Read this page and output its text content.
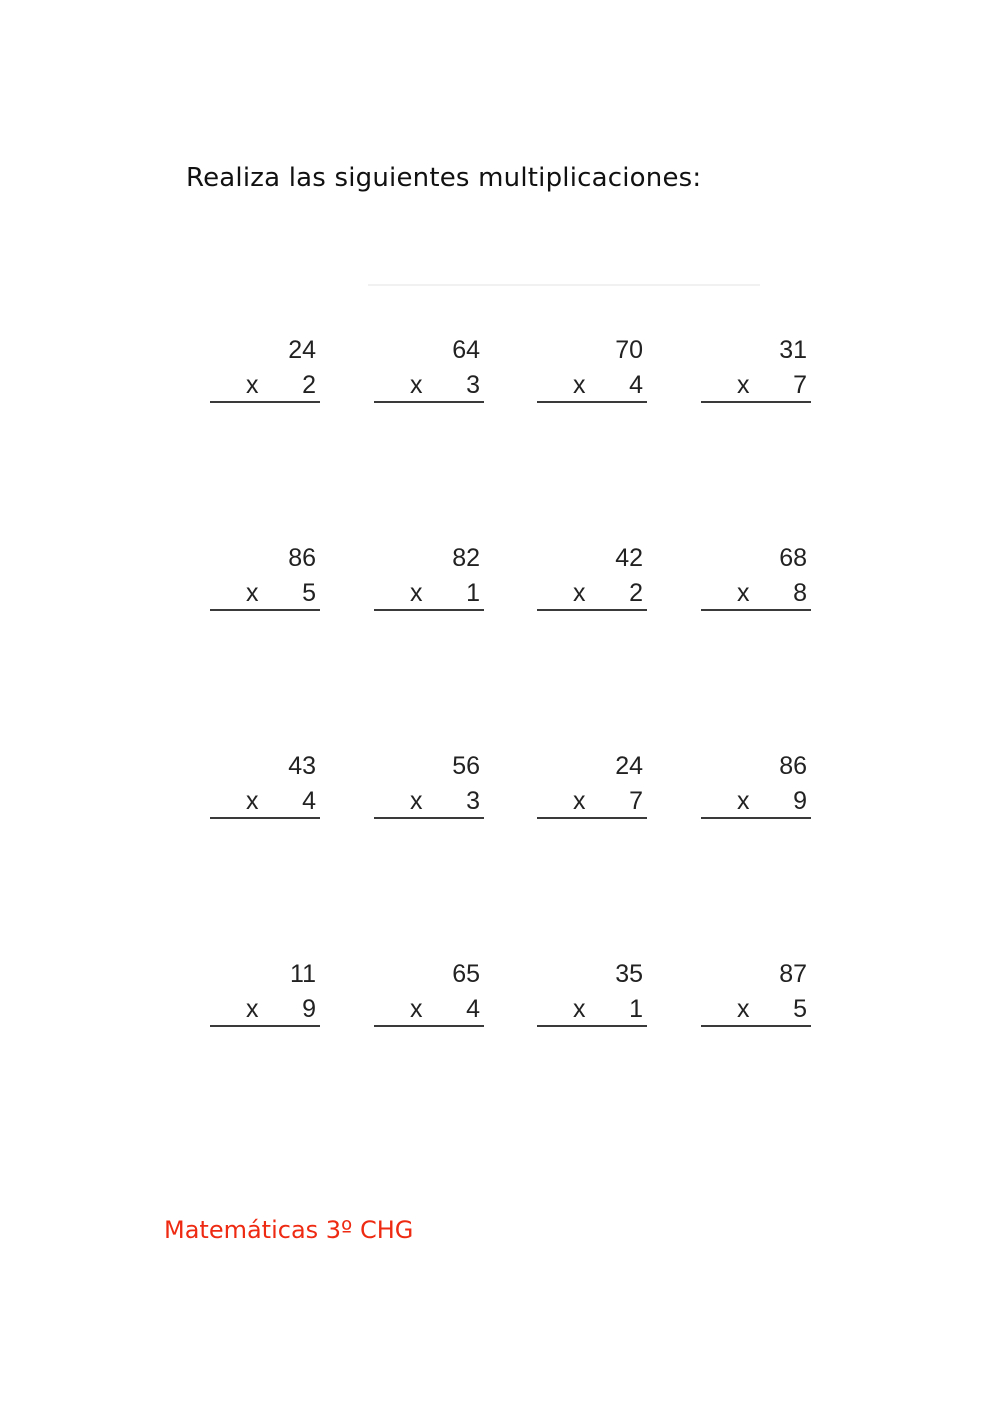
Realiza las siguientes multiplicaciones:
24
x 2
64
x 3
70
x 4
31
x 7
86
x 5
82
x 1
42
x 2
68
x 8
43
x 4
56
x 3
24
x 7
86
x 9
11
x 9
65
x 4
35
x 1
87
x 5
Matemáticas 3º CHG
